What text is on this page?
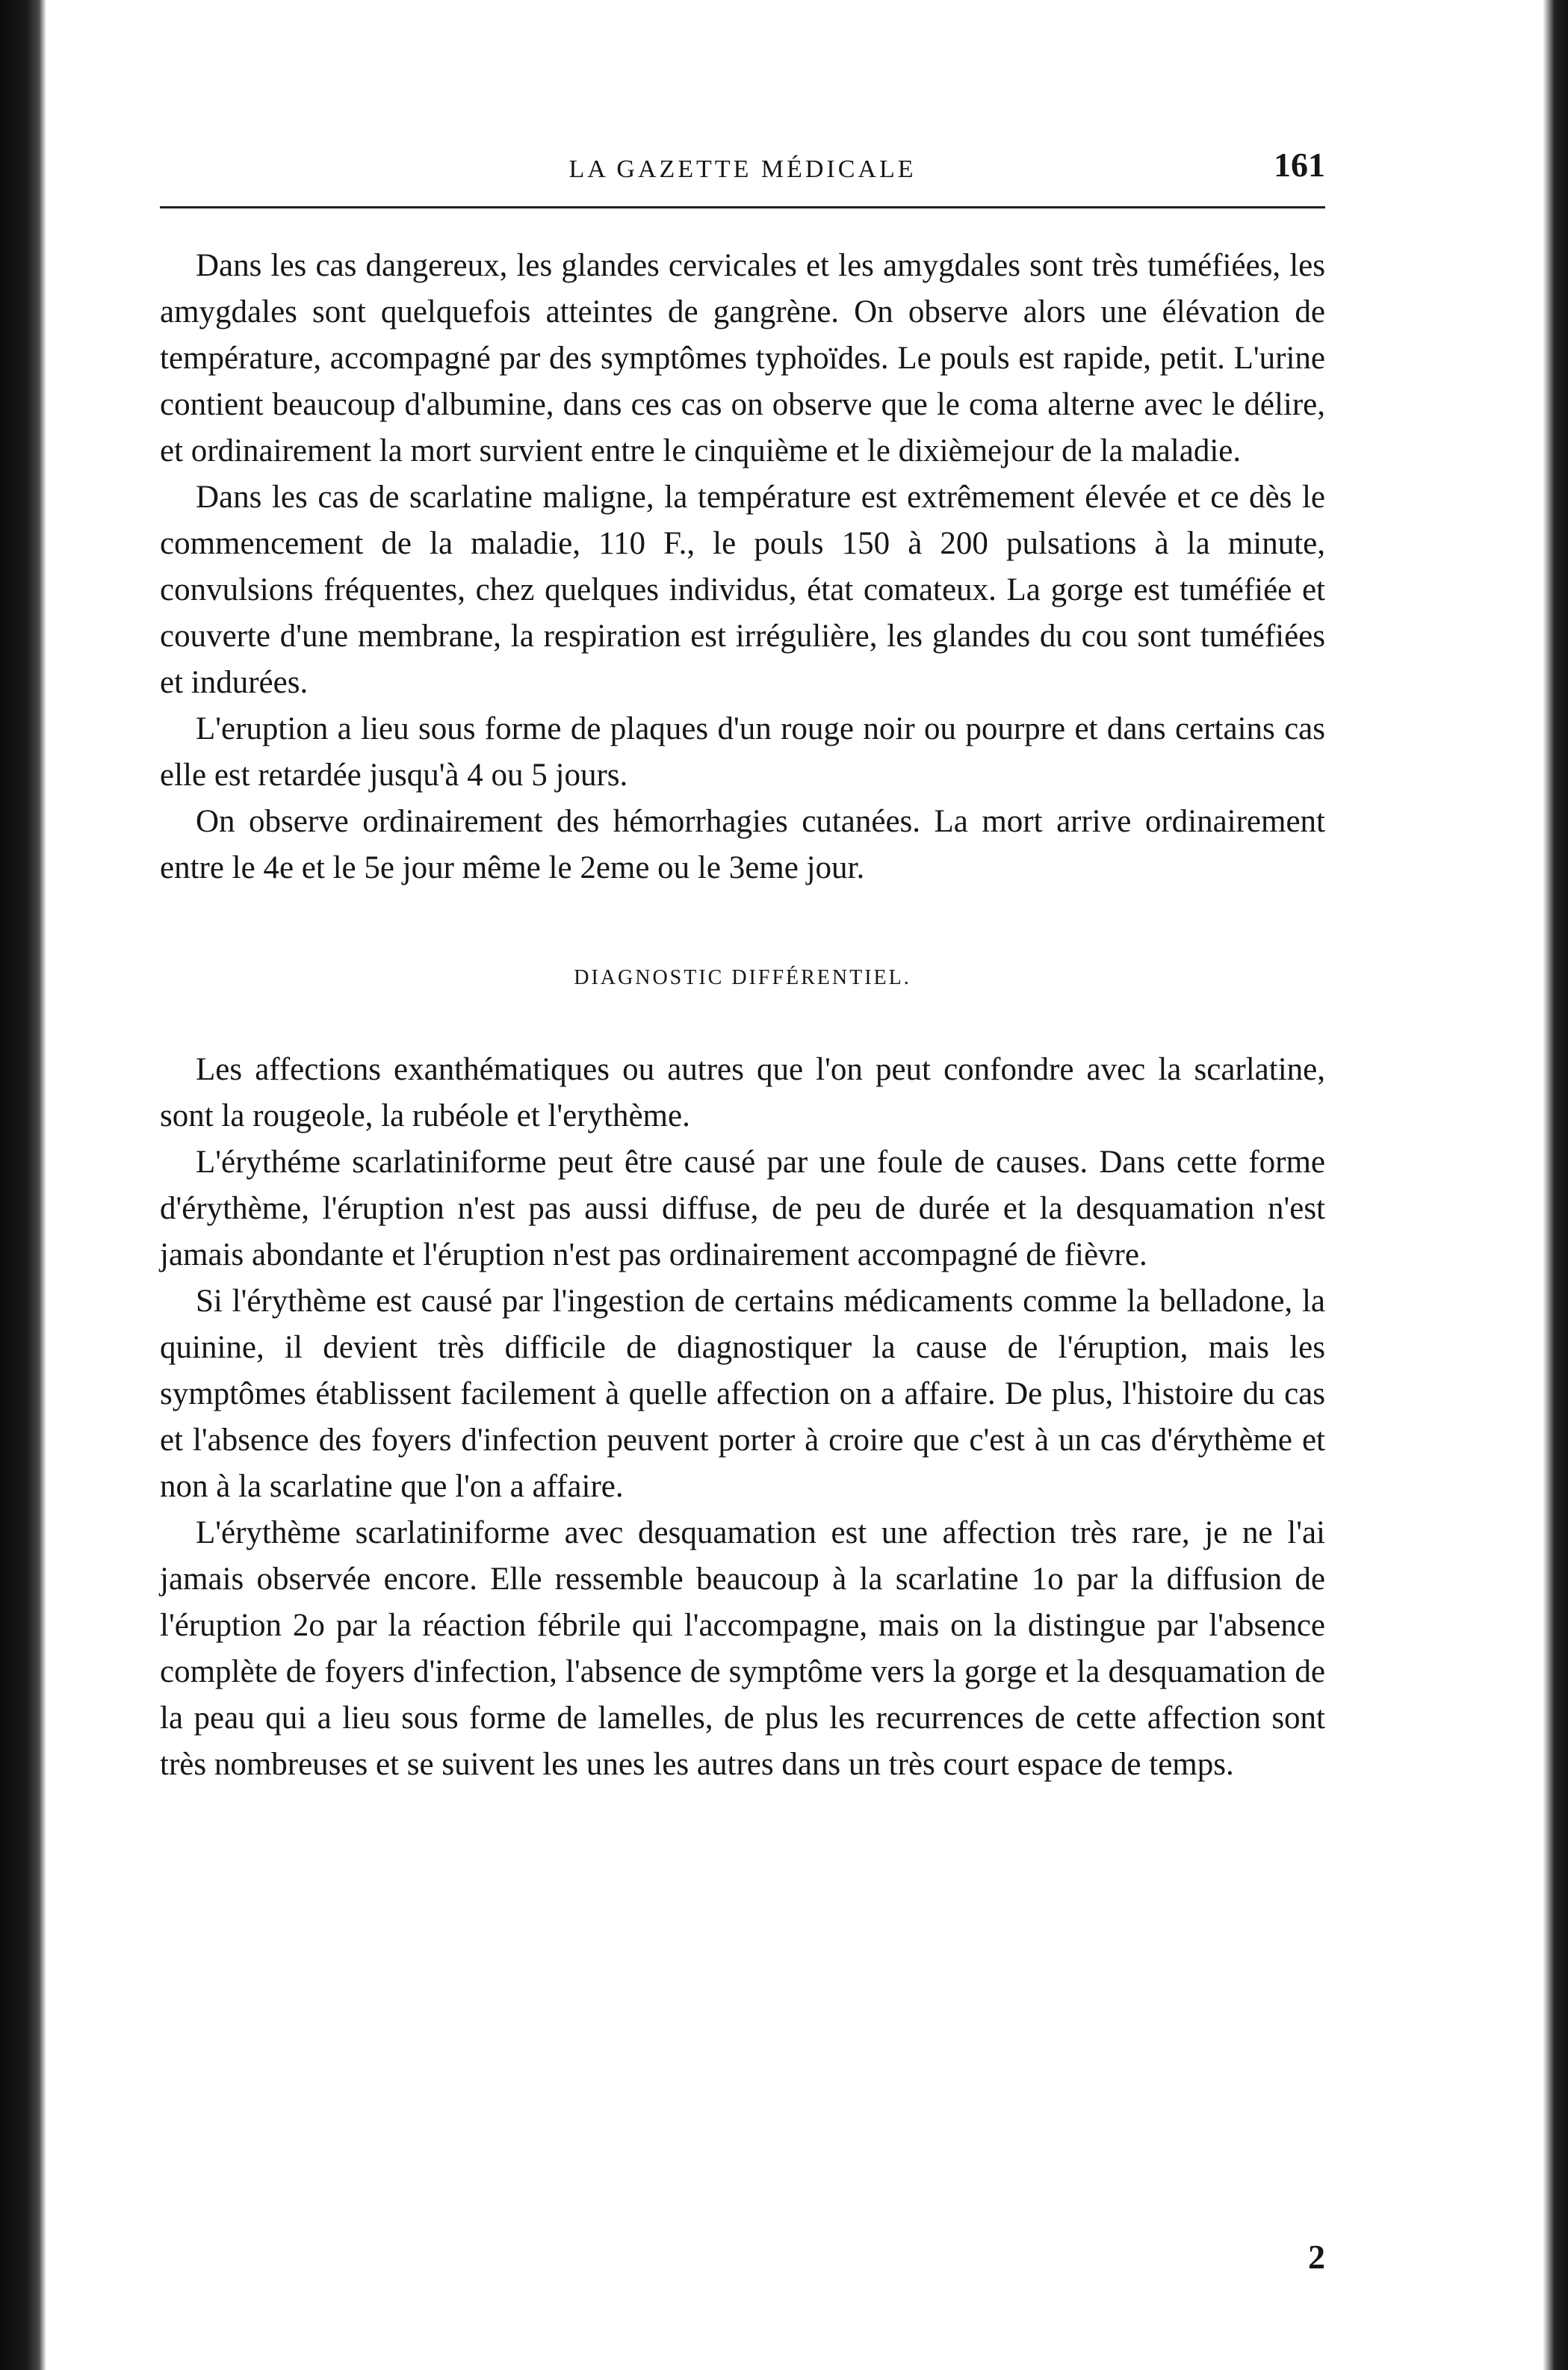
LA GAZETTE MÉDICALE	161

Dans les cas dangereux, les glandes cervicales et les amygdales sont très tuméfiées, les amygdales sont quelquefois atteintes de gangrène. On observe alors une élévation de température, accompagné par des symptômes typhoïdes. Le pouls est rapide, petit. L'urine contient beaucoup d'albumine, dans ces cas on observe que le coma alterne avec le délire, et ordinairement la mort survient entre le cinquième et le dixièmejour de la maladie.

Dans les cas de scarlatine maligne, la température est extrêmement élevée et ce dès le commencement de la maladie, 110 F., le pouls 150 à 200 pulsations à la minute, convulsions fréquentes, chez quelques individus, état comateux. La gorge est tuméfiée et couverte d'une membrane, la respiration est irrégulière, les glandes du cou sont tuméfiées et indurées.

L'eruption a lieu sous forme de plaques d'un rouge noir ou pourpre et dans certains cas elle est retardée jusqu'à 4 ou 5 jours.

On observe ordinairement des hémorrhagies cutanées. La mort arrive ordinairement entre le 4e et le 5e jour même le 2eme ou le 3eme jour.

DIAGNOSTIC DIFFÉRENTIEL.

Les affections exanthématiques ou autres que l'on peut confondre avec la scarlatine, sont la rougeole, la rubéole et l'erythème.

L'érythéme scarlatiniforme peut être causé par une foule de causes. Dans cette forme d'érythème, l'éruption n'est pas aussi diffuse, de peu de durée et la desquamation n'est jamais abondante et l'éruption n'est pas ordinairement accompagné de fièvre.

Si l'érythème est causé par l'ingestion de certains médicaments comme la belladone, la quinine, il devient très difficile de diagnostiquer la cause de l'éruption, mais les symptômes établissent facilement à quelle affection on a affaire. De plus, l'histoire du cas et l'absence des foyers d'infection peuvent porter à croire que c'est à un cas d'érythème et non à la scarlatine que l'on a affaire.

L'érythème scarlatiniforme avec desquamation est une affection très rare, je ne l'ai jamais observée encore. Elle ressemble beaucoup à la scarlatine 1o par la diffusion de l'éruption 2o par la réaction fébrile qui l'accompagne, mais on la distingue par l'absence complète de foyers d'infection, l'absence de symptôme vers la gorge et la desquamation de la peau qui a lieu sous forme de lamelles, de plus les recurrences de cette affection sont très nombreuses et se suivent les unes les autres dans un très court espace de temps.

2
